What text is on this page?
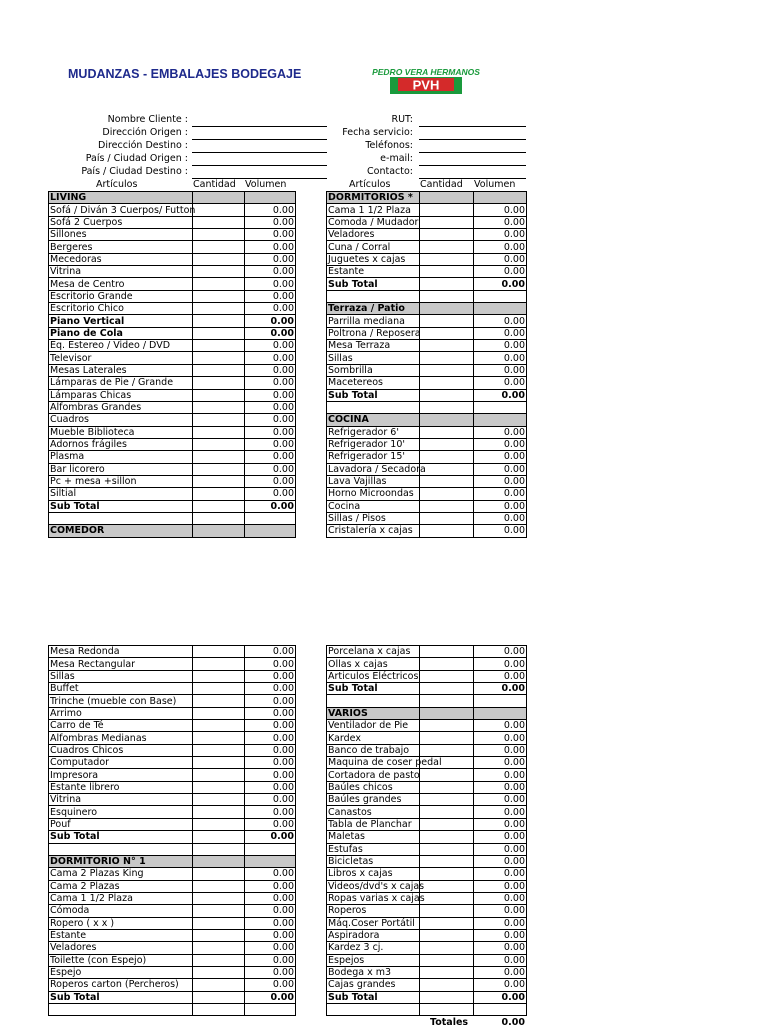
MUDANZAS - EMBALAJES BODEGAJE	PEDRO VERA HERMANOS
PVH
MUDANZAS EMBALAJES BODEGAJE
Nombre Cliente :
Dirección Origen :
Dirección Destino :
País / Ciudad Origen :
País / Ciudad Destino :
RUT:
Fecha servicio:
Teléfonos:
e-mail:
Contacto:
Artículos	Cantidad Volumen	Artículos	Cantidad Volumen
LIVING		
Sofá / Diván 3 Cuerpos/ Futton		0.00
Sofá 2 Cuerpos		0.00
Sillones		0.00
Bergeres		0.00
Mecedoras		0.00
Vitrina		0.00
Mesa de Centro		0.00
Escritorio Grande		0.00
Escritorio Chico		0.00
Piano Vertical		0.00
Piano de Cola		0.00
Eq. Estereo / Video / DVD		0.00
Televisor		0.00
Mesas Laterales		0.00
Lámparas de Pie / Grande		0.00
Lámparas Chicas		0.00
Alfombras Grandes		0.00
Cuadros		0.00
Mueble Biblioteca		0.00
Adornos frágiles		0.00
Plasma		0.00
Bar licorero		0.00
Pc + mesa +sillon		0.00
Siltial		0.00
Sub Total		0.00

COMEDOR		
DORMITORIOS *		
Cama 1 1/2 Plaza		0.00
Comoda / Mudador		0.00
Veladores		0.00
Cuna / Corral		0.00
Juguetes x cajas		0.00
Estante		0.00
Sub Total		0.00

Terraza / Patio		
Parrilla mediana		0.00
Poltrona / Reposera		0.00
Mesa Terraza		0.00
Sillas		0.00
Sombrilla		0.00
Macetereos		0.00
Sub Total		0.00

COCINA		
Refrigerador 6'		0.00
Refrigerador 10'		0.00
Refrigerador 15'		0.00
Lavadora / Secadora		0.00
Lava Vajillas		0.00
Horno Microondas		0.00
Cocina		0.00
Sillas / Pisos		0.00
Cristalería x cajas		0.00
Mesa Redonda		0.00
Mesa Rectangular		0.00
Sillas		0.00
Buffet		0.00
Trinche (mueble con Base)		0.00
Arrimo		0.00
Carro de Té		0.00
Alfombras Medianas		0.00
Cuadros Chicos		0.00
Computador		0.00
Impresora		0.00
Estante librero		0.00
Vitrina		0.00
Esquinero		0.00
Pouf		0.00
Sub Total		0.00

DORMITORIO N° 1		
Cama 2 Plazas King		0.00
Cama 2 Plazas		0.00
Cama 1 1/2 Plaza		0.00
Cómoda		0.00
Ropero ( x x )		0.00
Estante		0.00
Veladores		0.00
Toilette (con Espejo)		0.00
Espejo		0.00
Roperos carton (Percheros)		0.00
Sub Total		0.00

Porcelana x cajas		0.00
Ollas x cajas		0.00
Articulos Eléctricos		0.00
Sub Total		0.00

VARIOS		
Ventilador de Pie		0.00
Kardex		0.00
Banco de trabajo		0.00
Maquina de coser pedal		0.00
Cortadora de pasto		0.00
Baúles chicos		0.00
Baúles grandes		0.00
Canastos		0.00
Tabla de Planchar		0.00
Maletas		0.00
Estufas		0.00
Bicicletas		0.00
Libros x cajas		0.00
Videos/dvd's x cajas		0.00
Ropas varias x cajas		0.00
Roperos		0.00
Máq.Coser Portátil		0.00
Aspiradora		0.00
Kardez 3 cj.		0.00
Espejos		0.00
Bodega x m3		0.00
Cajas grandes		0.00
Sub Total		0.00

Totales	0.00
